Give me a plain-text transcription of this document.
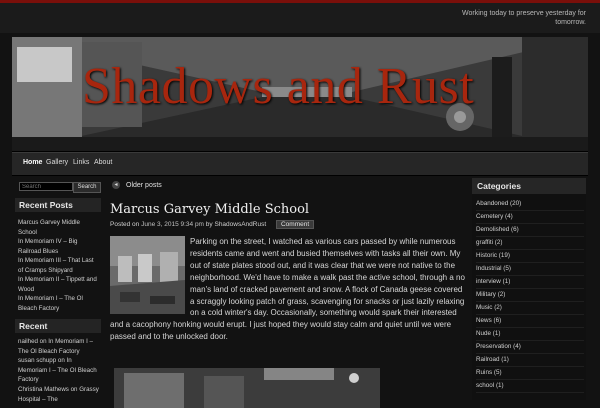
Working today to preserve yesterday for tomorrow.
Shadows and Rust
Home Gallery Links About
Search
Search
Recent Posts
Marcus Garvey Middle School
In Memoriam IV – Big Railroad Blues
In Memoriam III – That Last of Cramps Shipyard
In Memoriam II – Tippett and Wood
In Memoriam I – The Ol Bleach Factory
Recent
nailhed on In Memoriam I – The Ol Bleach Factory
susan schupp on In Memoriam I – The Ol Bleach Factory
Christina Mathews on Grassy Hospital – The
◂ Older posts
Marcus Garvey Middle School
Posted on June 3, 2015 9:34 pm by ShadowsAndRust Comment
Parking on the street, I watched as various cars passed by while numerous residents came and went and busied themselves with tasks all their own. My out of state plates stood out, and it was clear that we were not native to the neighborhood. We'd have to make a walk past the active school, through a no man's land of cracked pavement and snow. A flock of Canada geese covered a scraggly looking patch of grass, scavenging for snacks or just lazily relaxing on a cold winter's day. Occasionally, something would spark their interested and a cacophony honking would erupt. I just hoped they would stay calm and quiet until we were passed and to the unlocked door.
Categories
Abandoned (20)
Cemetery (4)
Demolished (6)
graffiti (2)
Historic (19)
Industrial (5)
interview (1)
Military (2)
Music (2)
News (6)
Nude (1)
Preservation (4)
Railroad (1)
Ruins (5)
school (1)
